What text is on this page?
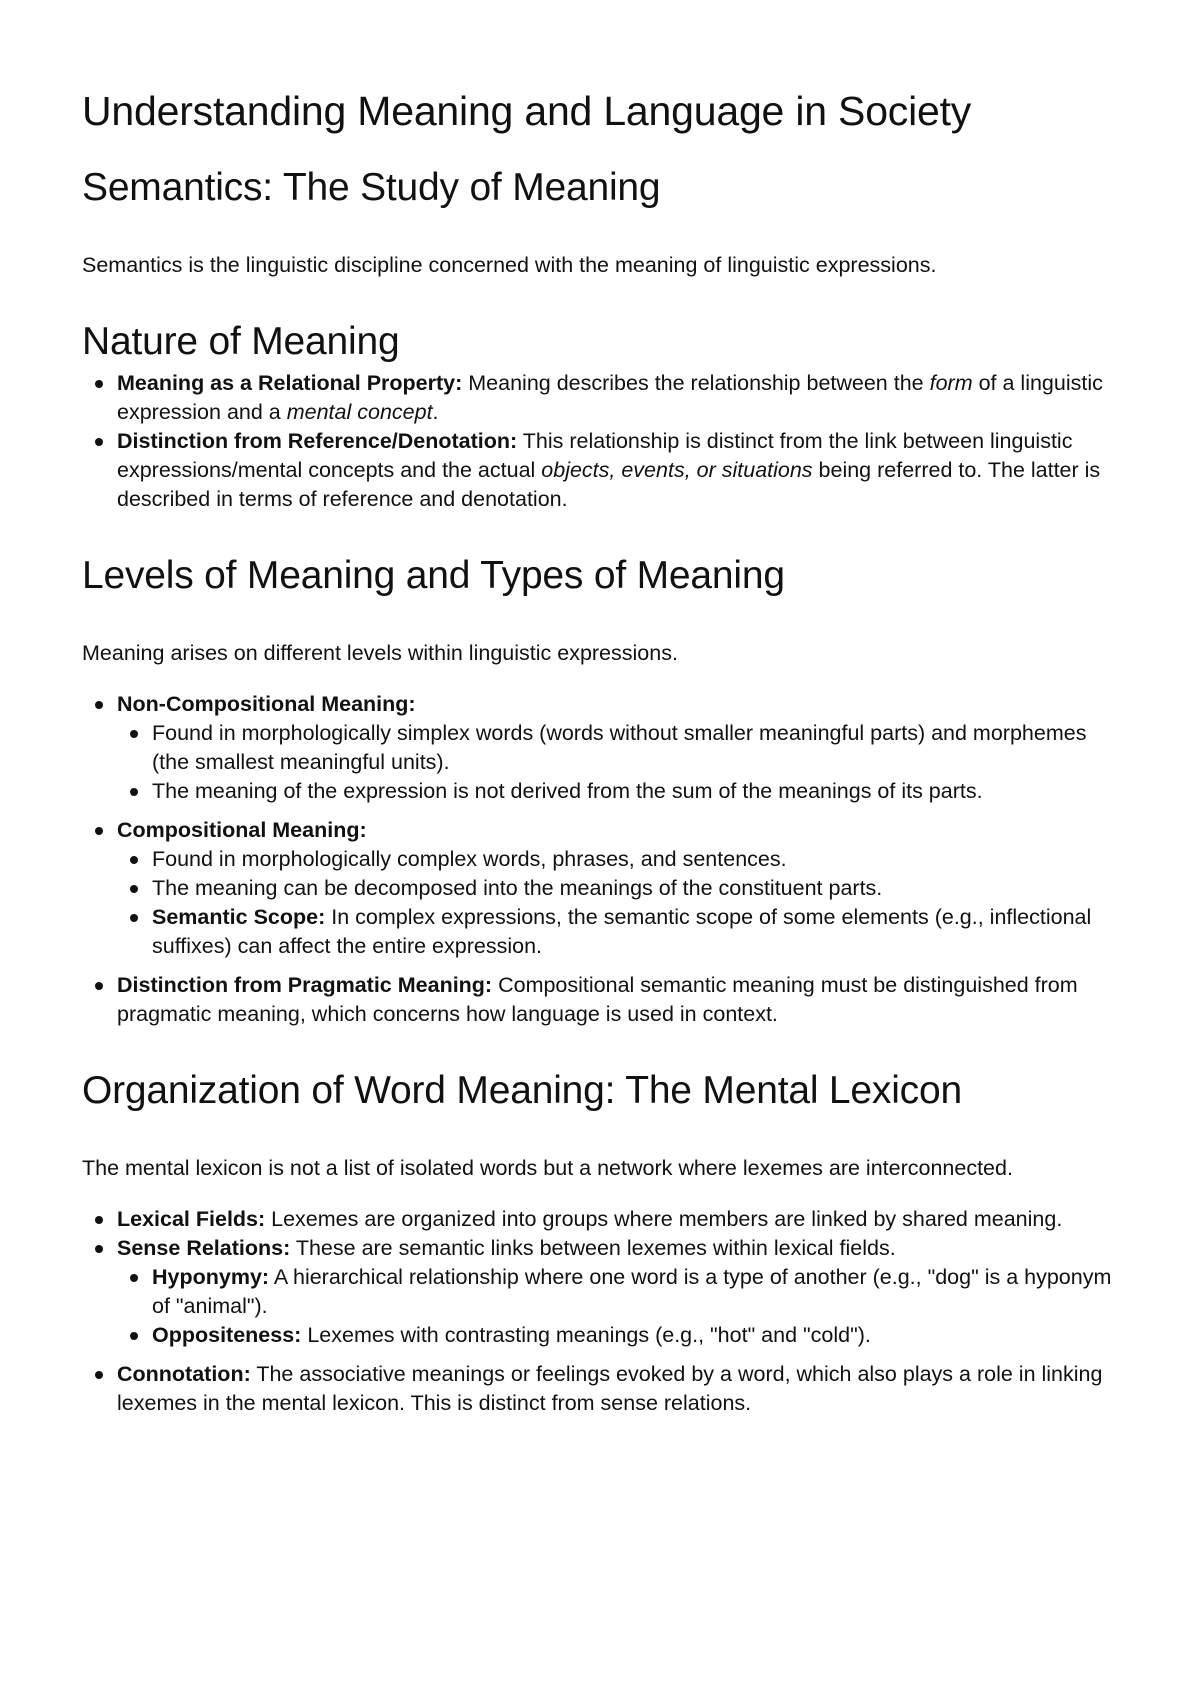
Understanding Meaning and Language in Society
Semantics: The Study of Meaning

Semantics is the linguistic discipline concerned with the meaning of linguistic expressions.

Nature of Meaning
Meaning as a Relational Property: Meaning describes the relationship between the form of a linguistic expression and a mental concept.
Distinction from Reference/Denotation: This relationship is distinct from the link between linguistic expressions/mental concepts and the actual objects, events, or situations being referred to. The latter is described in terms of reference and denotation.
Levels of Meaning and Types of Meaning

Meaning arises on different levels within linguistic expressions.

Non-Compositional Meaning:
Found in morphologically simplex words (words without smaller meaningful parts) and morphemes (the smallest meaningful units).
The meaning of the expression is not derived from the sum of the meanings of its parts.
Compositional Meaning:
Found in morphologically complex words, phrases, and sentences.
The meaning can be decomposed into the meanings of the constituent parts.
Semantic Scope: In complex expressions, the semantic scope of some elements (e.g., inflectional suffixes) can affect the entire expression.
Distinction from Pragmatic Meaning: Compositional semantic meaning must be distinguished from pragmatic meaning, which concerns how language is used in context.
Organization of Word Meaning: The Mental Lexicon

The mental lexicon is not a list of isolated words but a network where lexemes are interconnected.

Lexical Fields: Lexemes are organized into groups where members are linked by shared meaning.
Sense Relations: These are semantic links between lexemes within lexical fields.
Hyponymy: A hierarchical relationship where one word is a type of another (e.g., "dog" is a hyponym of "animal").
Oppositeness: Lexemes with contrasting meanings (e.g., "hot" and "cold").
Connotation: The associative meanings or feelings evoked by a word, which also plays a role in linking lexemes in the mental lexicon. This is distinct from sense relations.
